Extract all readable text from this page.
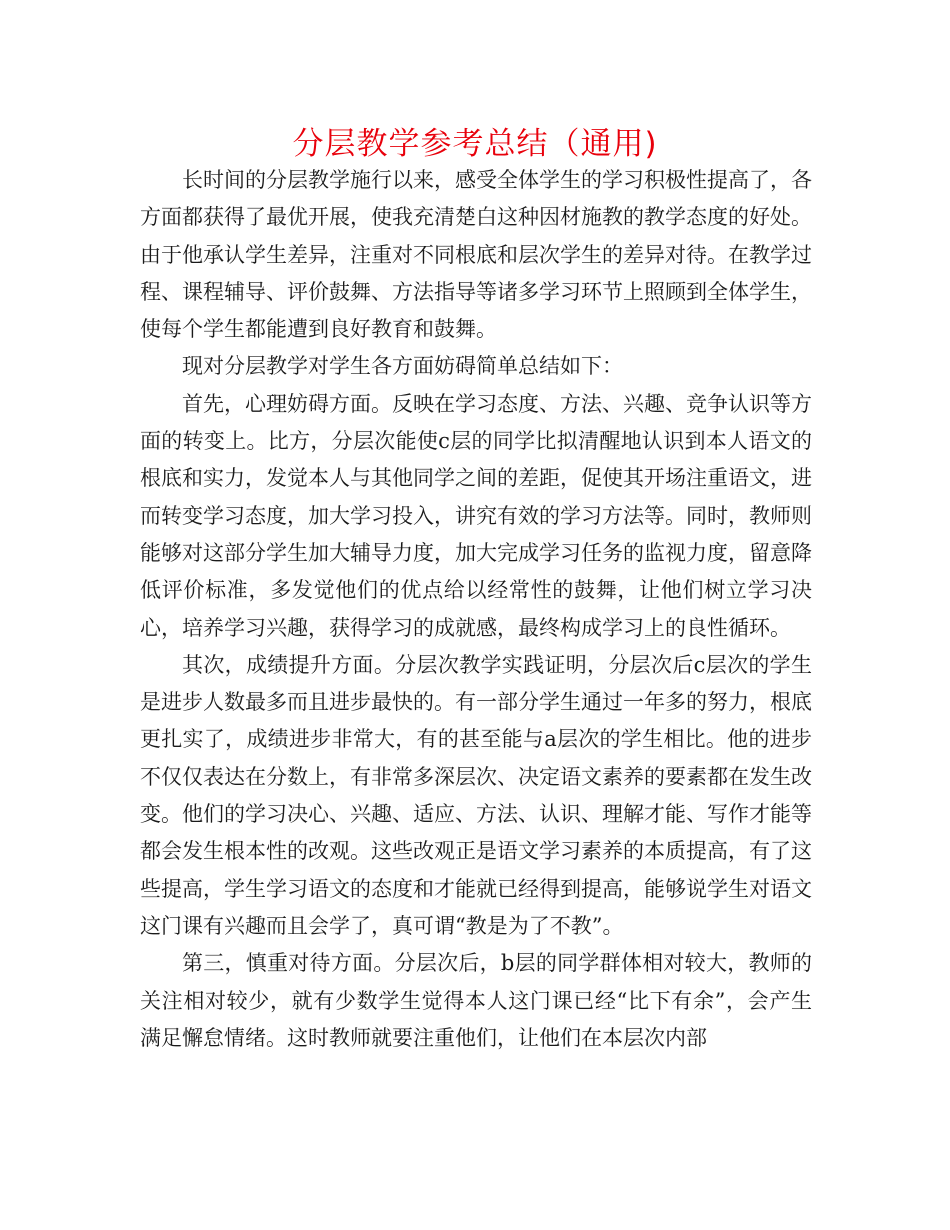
分层教学参考总结（通用)

长时间的分层教学施行以来，感受全体学生的学习积极性提高了，各方面都获得了最优开展，使我充清楚白这种因材施教的教学态度的好处。由于他承认学生差异，注重对不同根底和层次学生的差异对待。在教学过程、课程辅导、评价鼓舞、方法指导等诸多学习环节上照顾到全体学生，使每个学生都能遭到良好教育和鼓舞。

现对分层教学对学生各方面妨碍简单总结如下：

首先，心理妨碍方面。反映在学习态度、方法、兴趣、竞争认识等方面的转变上。比方，分层次能使c层的同学比拟清醒地认识到本人语文的根底和实力，发觉本人与其他同学之间的差距，促使其开场注重语文，进而转变学习态度，加大学习投入，讲究有效的学习方法等。同时，教师则能够对这部分学生加大辅导力度，加大完成学习任务的监视力度，留意降低评价标准，多发觉他们的优点给以经常性的鼓舞，让他们树立学习决心，培养学习兴趣，获得学习的成就感，最终构成学习上的良性循环。

其次，成绩提升方面。分层次教学实践证明，分层次后c层次的学生是进步人数最多而且进步最快的。有一部分学生通过一年多的努力，根底更扎实了，成绩进步非常大，有的甚至能与a层次的学生相比。他的进步不仅仅表达在分数上，有非常多深层次、决定语文素养的要素都在发生改变。他们的学习决心、兴趣、适应、方法、认识、理解才能、写作才能等都会发生根本性的改观。这些改观正是语文学习素养的本质提高，有了这些提高，学生学习语文的态度和才能就已经得到提高，能够说学生对语文这门课有兴趣而且会学了，真可谓“教是为了不教”。

第三，慎重对待方面。分层次后，b层的同学群体相对较大，教师的关注相对较少，就有少数学生觉得本人这门课已经“比下有余”，会产生满足懈怠情绪。这时教师就要注重他们，让他们在本层次内部
